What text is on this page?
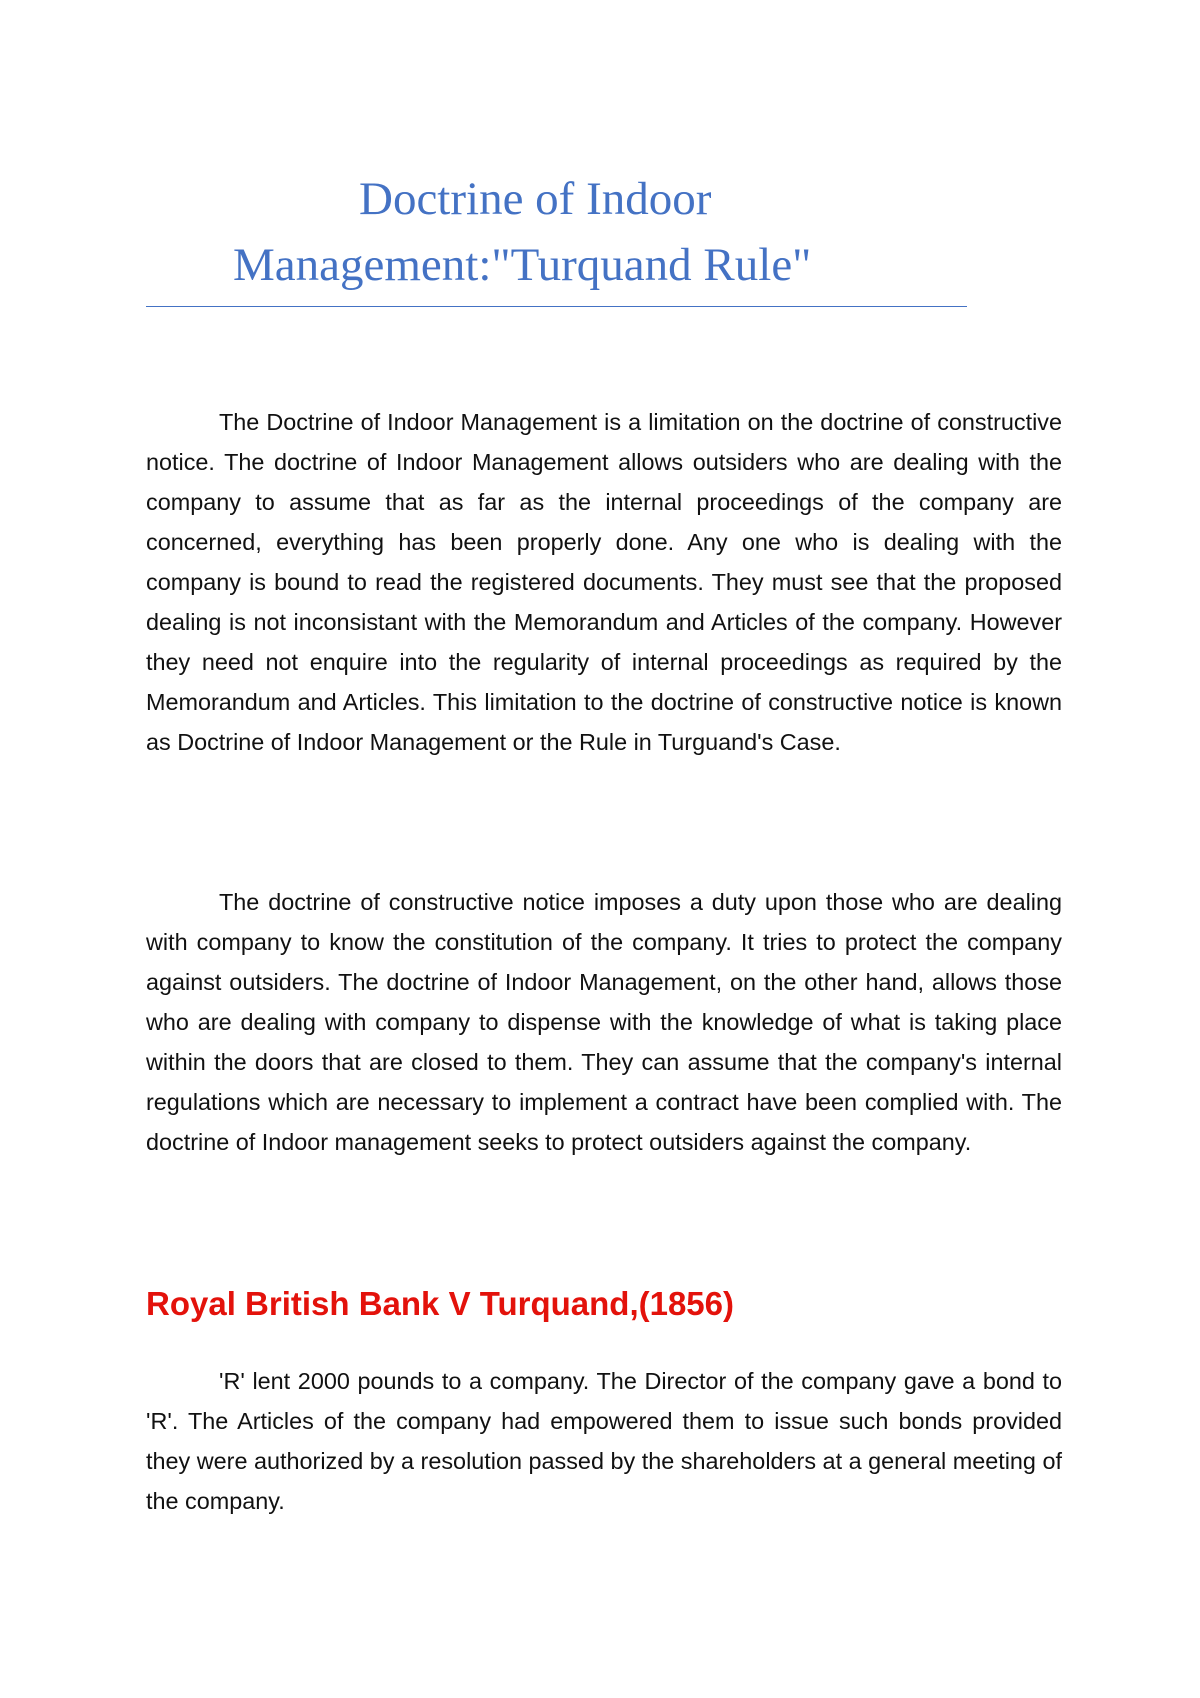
Doctrine of Indoor
Management:"Turquand Rule"

The Doctrine of Indoor Management is a limitation on the doctrine of constructive notice. The doctrine of Indoor Management allows outsiders who are dealing with the company to assume that as far as the internal proceedings of the company are concerned, everything has been properly done. Any one who is dealing with the company is bound to read the registered documents. They must see that the proposed dealing is not inconsistant with the Memorandum and Articles of the company. However they need not enquire into the regularity of internal proceedings as required by the Memorandum and Articles. This limitation to the doctrine of constructive notice is known as Doctrine of Indoor Management or the Rule in Turguand's Case.

The doctrine of constructive notice imposes a duty upon those who are dealing with company to know the constitution of the company. It tries to protect the company against outsiders. The doctrine of Indoor Management, on the other hand, allows those who are dealing with company to dispense with the knowledge of what is taking place within the doors that are closed to them. They can assume that the company's internal regulations which are necessary to implement a contract have been complied with. The doctrine of Indoor management seeks to protect outsiders against the company.

Royal British Bank V Turquand,(1856)

'R' lent 2000 pounds to a company. The Director of the company gave a bond to 'R'. The Articles of the company had empowered them to issue such bonds provided they were authorized by a resolution passed by the shareholders at a general meeting of the company.
